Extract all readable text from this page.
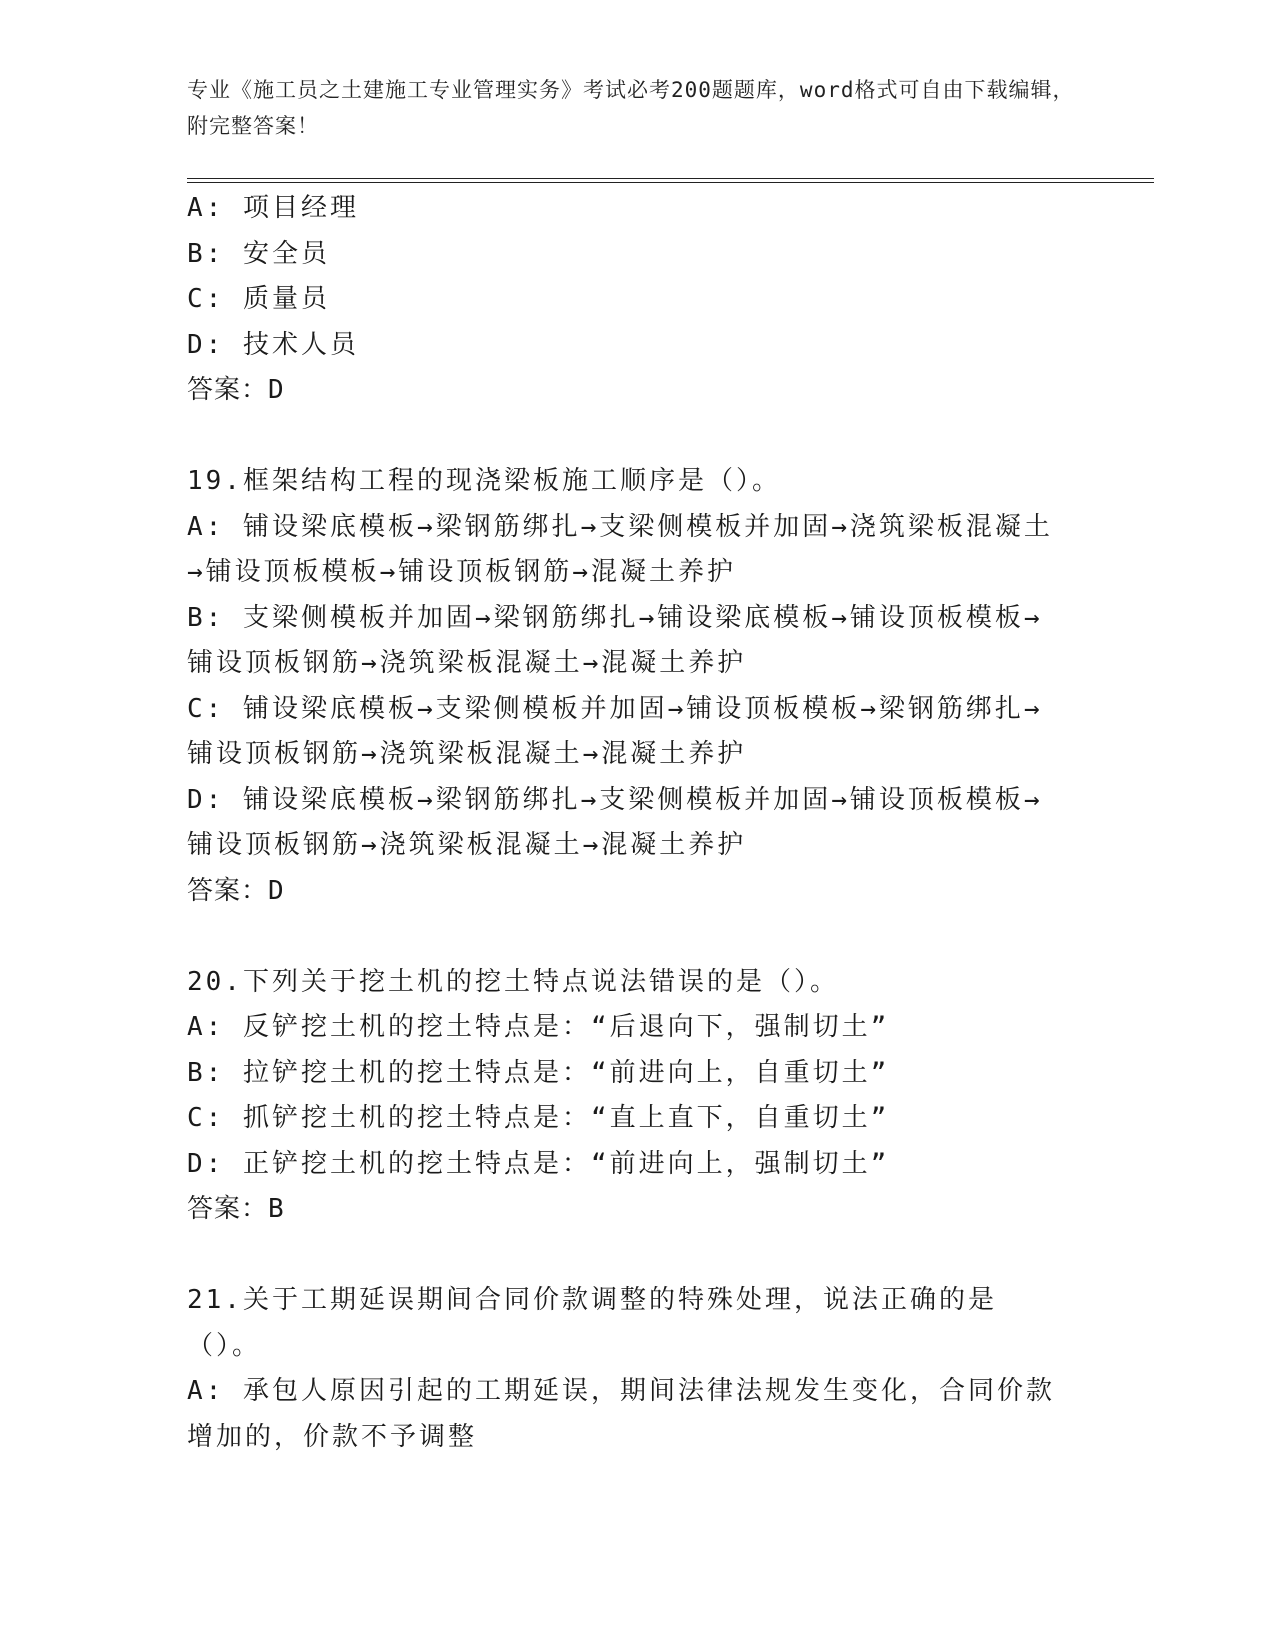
专业《施工员之土建施工专业管理实务》考试必考200题题库，word格式可自由下载编辑，附完整答案！
A: 项目经理
B: 安全员
C: 质量员
D: 技术人员
答案：D
19.框架结构工程的现浇梁板施工顺序是（）。
A: 铺设梁底模板→梁钢筋绑扎→支梁侧模板并加固→浇筑梁板混凝土→铺设顶板模板→铺设顶板钢筋→混凝土养护
B: 支梁侧模板并加固→梁钢筋绑扎→铺设梁底模板→铺设顶板模板→铺设顶板钢筋→浇筑梁板混凝土→混凝土养护
C: 铺设梁底模板→支梁侧模板并加固→铺设顶板模板→梁钢筋绑扎→铺设顶板钢筋→浇筑梁板混凝土→混凝土养护
D: 铺设梁底模板→梁钢筋绑扎→支梁侧模板并加固→铺设顶板模板→铺设顶板钢筋→浇筑梁板混凝土→混凝土养护
答案：D
20.下列关于挖土机的挖土特点说法错误的是（）。
A: 反铲挖土机的挖土特点是：“后退向下，强制切土”
B: 拉铲挖土机的挖土特点是：“前进向上，自重切土”
C: 抓铲挖土机的挖土特点是：“直上直下，自重切土”
D: 正铲挖土机的挖土特点是：“前进向上，强制切土”
答案：B
21.关于工期延误期间合同价款调整的特殊处理，说法正确的是（）。
A: 承包人原因引起的工期延误，期间法律法规发生变化，合同价款增加的，价款不予调整
